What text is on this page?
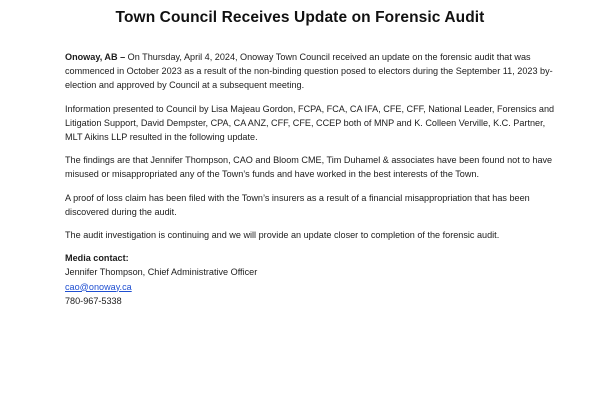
Town Council Receives Update on Forensic Audit

Onoway, AB – On Thursday, April 4, 2024, Onoway Town Council received an update on the forensic audit that was commenced in October 2023 as a result of the non-binding question posed to electors during the September 11, 2023 by-election and approved by Council at a subsequent meeting.

Information presented to Council by Lisa Majeau Gordon, FCPA, FCA, CA IFA, CFE, CFF, National Leader, Forensics and Litigation Support, David Dempster, CPA, CA ANZ, CFF, CFE, CCEP both of MNP and K. Colleen Verville, K.C. Partner, MLT Aikins LLP resulted in the following update.

The findings are that Jennifer Thompson, CAO and Bloom CME, Tim Duhamel & associates have been found not to have misused or misappropriated any of the Town’s funds and have worked in the best interests of the Town.

A proof of loss claim has been filed with the Town’s insurers as a result of a financial misappropriation that has been discovered during the audit.

The audit investigation is continuing and we will provide an update closer to completion of the forensic audit.

Media contact:
Jennifer Thompson, Chief Administrative Officer
cao@onoway.ca
780-967-5338
